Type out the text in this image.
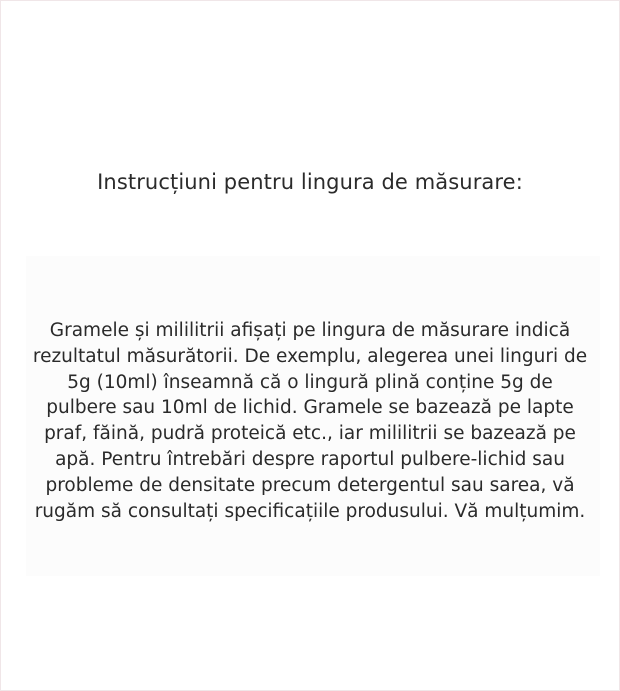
Instrucțiuni pentru lingura de măsurare:
Gramele și mililitrii afișați pe lingura de măsurare indică rezultatul măsurătorii. De exemplu, alegerea unei linguri de 5g (10ml) înseamnă că o lingură plină conține 5g de pulbere sau 10ml de lichid. Gramele se bazează pe lapte praf, făină, pudră proteică etc., iar mililitrii se bazează pe apă. Pentru întrebări despre raportul pulbere-lichid sau probleme de densitate precum detergentul sau sarea, vă rugăm să consultați specificațiile produsului. Vă mulțumim.
